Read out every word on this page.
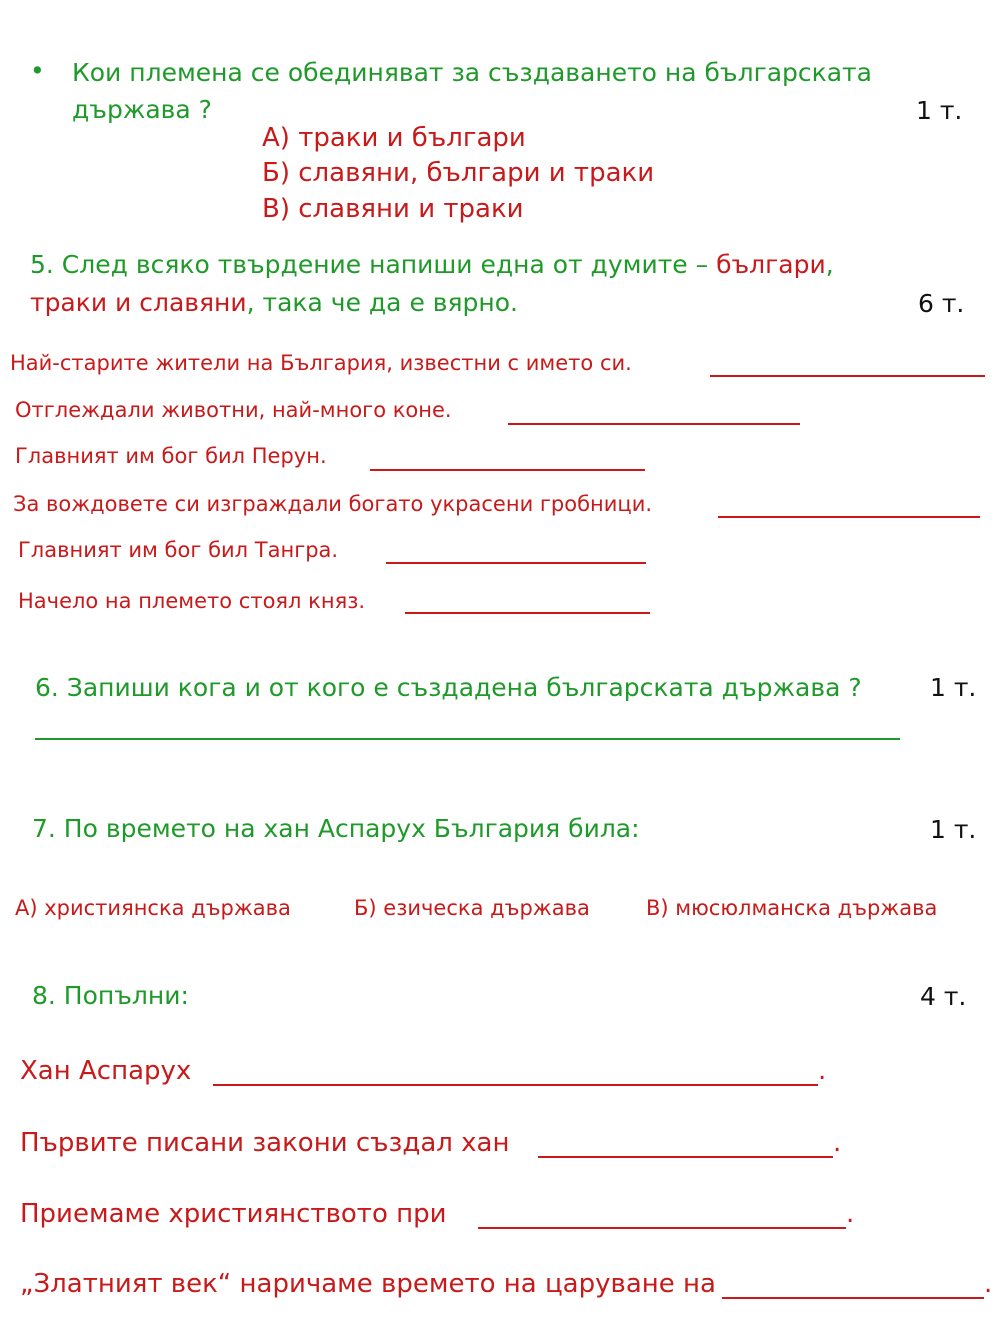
• Кои племена се обединяват за създаването на българската
държава ?	1 т.
А) траки и българи
Б) славяни, българи и траки
В) славяни и траки
5. След всяко твърдение напиши една от думите – българи,
траки и славяни, така че да е вярно.	6 т.
Най-старите жители на България, известни с името си.
Отглеждали животни, най-много коне.
Главният им бог бил Перун.
За вождовете си изграждали богато украсени гробници.
Главният им бог бил Тангра.
Начело на племето стоял княз.
6. Запиши кога и от кого е създадена българската държава ?	1 т.
7. По времето на хан Аспарух България била:	1 т.
А) християнска държава	Б) езическа държава	В) мюсюлманска държава
8. Попълни:	4 т.
Хан Аспарух	.
Първите писани закони създал хан	.
Приемаме християнството при	.
„Златният век“ наричаме времето на царуване на	.
